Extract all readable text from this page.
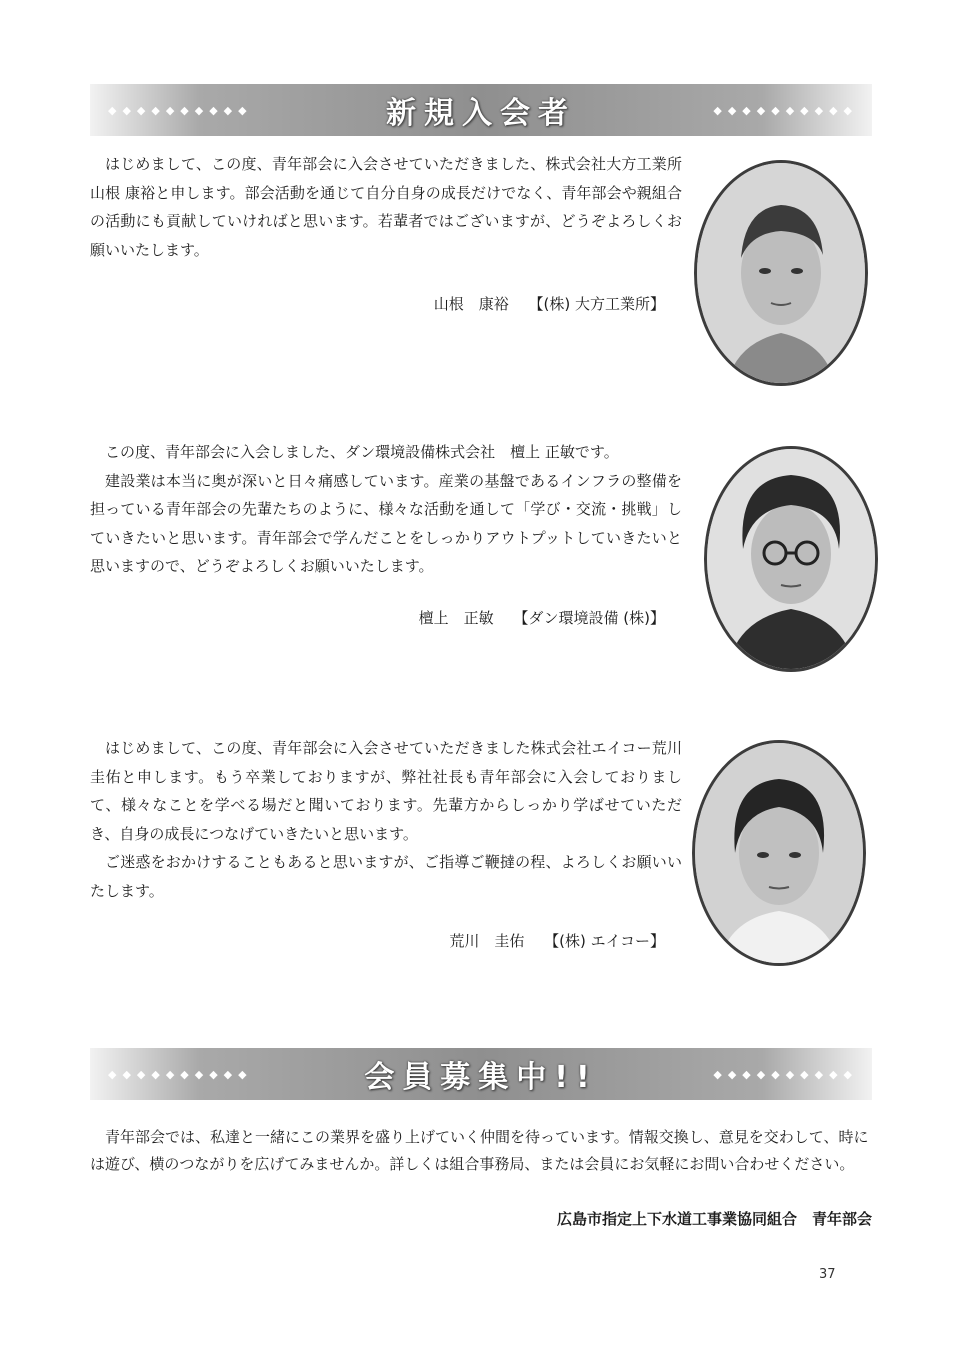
◆◆◆◆◆◆◆◆◆◆	◆◆◆◆◆◆◆◆◆◆
新規入会者

はじめまして、この度、青年部会に入会させていただきました、株式会社大方工業所 山根 康裕と申します。部会活動を通じて自分自身の成長だけでなく、青年部会や親組合の活動にも貢献していければと思います。若輩者ではございますが、どうぞよろしくお願いいたします。

山根　康裕　 【(株) 大方工業所】

この度、青年部会に入会しました、ダン環境設備株式会社　檀上 正敏です。

建設業は本当に奥が深いと日々痛感しています。産業の基盤であるインフラの整備を担っている青年部会の先輩たちのように、様々な活動を通して「学び・交流・挑戦」していきたいと思います。青年部会で学んだことをしっかりアウトプットしていきたいと思いますので、どうぞよろしくお願いいたします。

檀上　正敏　 【ダン環境設備 (株)】

はじめまして、この度、青年部会に入会させていただきました株式会社エイコー荒川 圭佑と申します。もう卒業しておりますが、弊社社長も青年部会に入会しておりまして、様々なことを学べる場だと聞いております。先輩方からしっかり学ばせていただき、自身の成長につなげていきたいと思います。

ご迷惑をおかけすることもあると思いますが、ご指導ご鞭撻の程、よろしくお願いいたします。

荒川　圭佑　 【(株) エイコー】
◆◆◆◆◆◆◆◆◆◆	◆◆◆◆◆◆◆◆◆◆
会員募集中!!

青年部会では、私達と一緒にこの業界を盛り上げていく仲間を待っています。情報交換し、意見を交わして、時には遊び、横のつながりを広げてみませんか。詳しくは組合事務局、または会員にお気軽にお問い合わせください。

広島市指定上下水道工事業協同組合　青年部会
37
